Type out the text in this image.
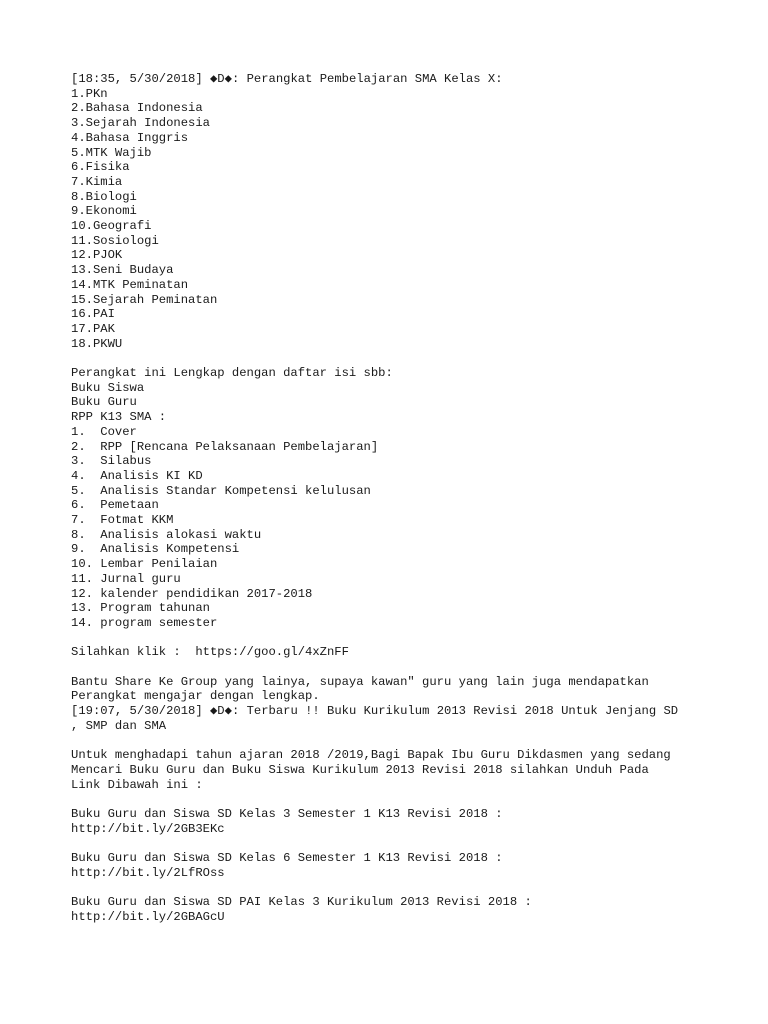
[18:35, 5/30/2018] ◆D◆: Perangkat Pembelajaran SMA Kelas X:
1.PKn
2.Bahasa Indonesia
3.Sejarah Indonesia
4.Bahasa Inggris
5.MTK Wajib
6.Fisika
7.Kimia
8.Biologi
9.Ekonomi
10.Geografi
11.Sosiologi
12.PJOK
13.Seni Budaya
14.MTK Peminatan
15.Sejarah Peminatan
16.PAI
17.PAK
18.PKWU
Perangkat ini Lengkap dengan daftar isi sbb:
Buku Siswa
Buku Guru
RPP K13 SMA :
1.  Cover
2.  RPP [Rencana Pelaksanaan Pembelajaran]
3.  Silabus
4.  Analisis KI KD
5.  Analisis Standar Kompetensi kelulusan
6.  Pemetaan
7.  Fotmat KKM
8.  Analisis alokasi waktu
9.  Analisis Kompetensi
10. Lembar Penilaian
11. Jurnal guru
12. kalender pendidikan 2017-2018
13. Program tahunan
14. program semester
Silahkan klik :  https://goo.gl/4xZnFF
Bantu Share Ke Group yang lainya, supaya kawan" guru yang lain juga mendapatkan
Perangkat mengajar dengan lengkap.
[19:07, 5/30/2018] ◆D◆: Terbaru !! Buku Kurikulum 2013 Revisi 2018 Untuk Jenjang SD
, SMP dan SMA
Untuk menghadapi tahun ajaran 2018 /2019,Bagi Bapak Ibu Guru Dikdasmen yang sedang
Mencari Buku Guru dan Buku Siswa Kurikulum 2013 Revisi 2018 silahkan Unduh Pada
Link Dibawah ini :
Buku Guru dan Siswa SD Kelas 3 Semester 1 K13 Revisi 2018 :
http://bit.ly/2GB3EKc
Buku Guru dan Siswa SD Kelas 6 Semester 1 K13 Revisi 2018 :
http://bit.ly/2LfROss
Buku Guru dan Siswa SD PAI Kelas 3 Kurikulum 2013 Revisi 2018 :
http://bit.ly/2GBAGcU
